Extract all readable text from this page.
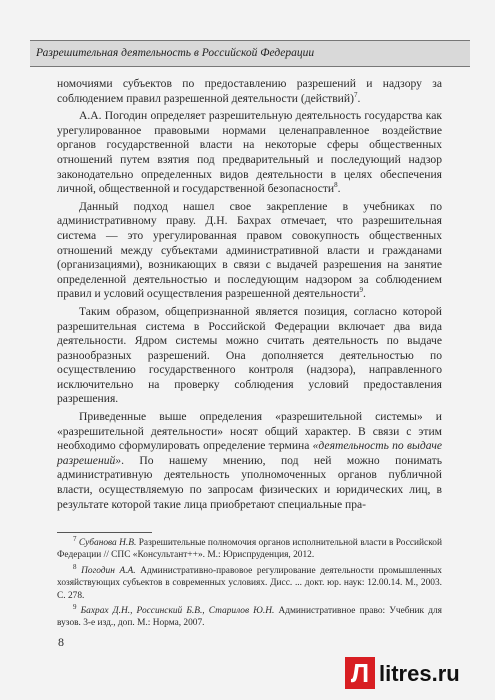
Разрешительная деятельность в Российской Федерации

номочиями субъектов по предоставлению разрешений и надзору за соблюдением правил разрешенной деятельности (действий)$^7$.

А.А. Погодин определяет разрешительную деятельность государства как урегулированное правовыми нормами целенаправленное воздействие органов государственной власти на некоторые сферы общественных отношений путем взятия под предварительный и последующий надзор законодательно определенных видов деятельности в целях обеспечения личной, общественной и государственной безопасности$^8$.

Данный подход нашел свое закрепление в учебниках по административному праву. Д.Н. Бахрах отмечает, что разрешительная система — это урегулированная правом совокупность общественных отношений между субъектами административной власти и гражданами (организациями), возникающих в связи с выдачей разрешения на занятие определенной деятельностью и последующим надзором за соблюдением правил и условий осуществления разрешенной деятельности$^9$.

Таким образом, общепризнанной является позиция, согласно которой разрешительная система в Российской Федерации включает два вида деятельности. Ядром системы можно считать деятельность по выдаче разнообразных разрешений. Она дополняется деятельностью по осуществлению государственного контроля (надзора), направленного исключительно на проверку соблюдения условий предоставления разрешения.

Приведенные выше определения «разрешительной системы» и «разрешительной деятельности» носят общий характер. В связи с этим необходимо сформулировать определение термина «деятельность по выдаче разрешений». По нашему мнению, под ней можно понимать административную деятельность уполномоченных органов публичной власти, осуществляемую по запросам физических и юридических лиц, в результате которой такие лица приобретают специальные пра-

$^7$ Субанова Н.В. Разрешительные полномочия органов исполнительной власти в Российской Федерации // СПС «Консультант++». М.: Юриспруденция, 2012.

$^8$ Погодин А.А. Административно-правовое регулирование деятельности промышленных хозяйствующих субъектов в современных условиях. Дисс. ... докт. юр. наук: 12.00.14. М., 2003. С. 278.

$^9$ Бахрах Д.Н., Россинский Б.В., Старилов Ю.Н. Административное право: Учебник для вузов. 3-е изд., доп. М.: Норма, 2007.

8
Л litres.ru
